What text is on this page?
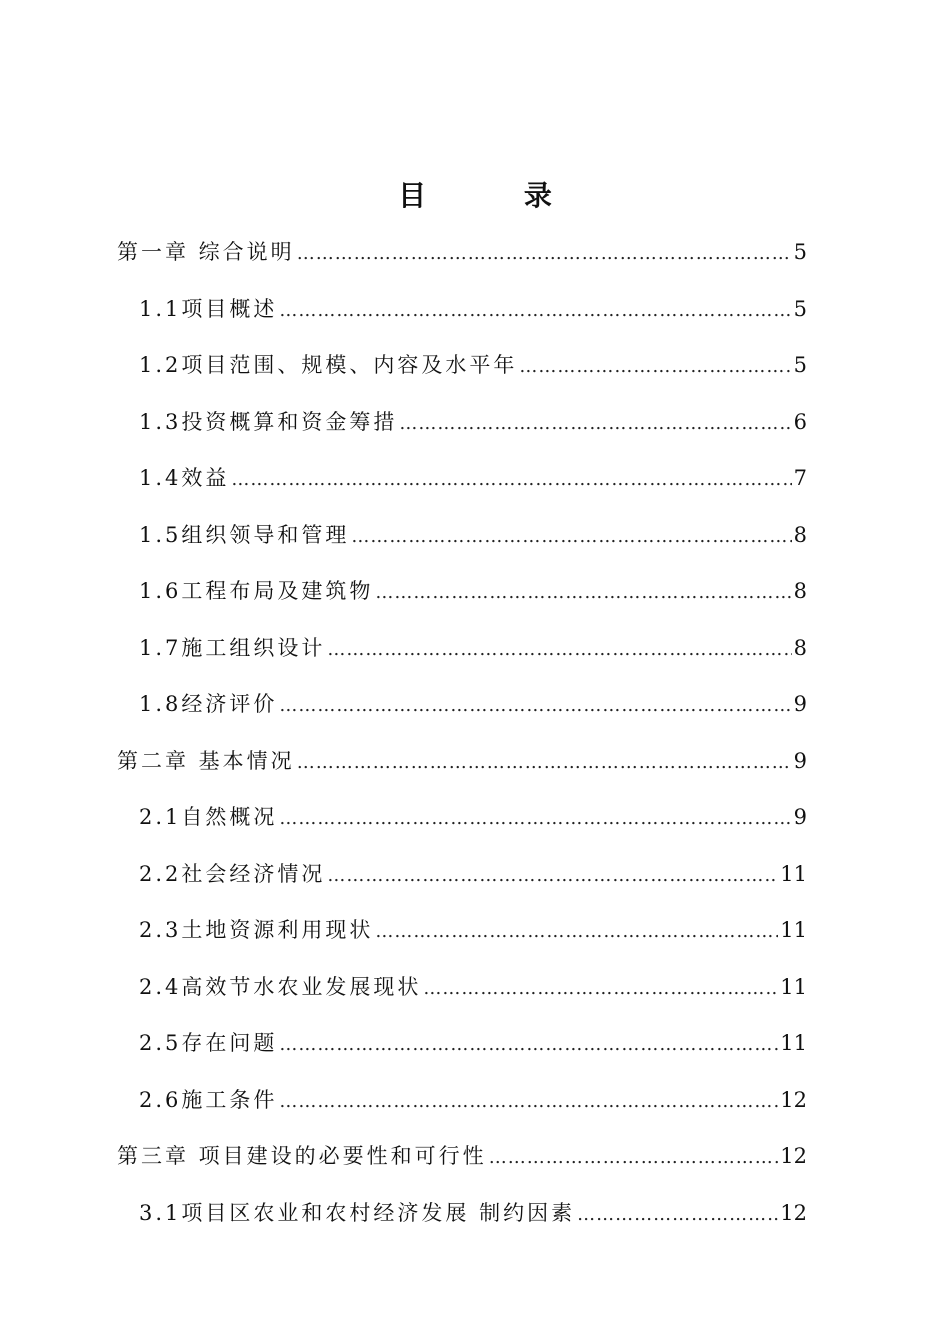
目 录
第一章 综合说明 …………………………………………………………………………………………………………………………………………………………………………	5
1.1项目概述 …………………………………………………………………………………………………………………………………………………………………………	5
1.2项目范围、规模、内容及水平年 …………………………………………………………………………………………………………………………………………………………………………	5
1.3投资概算和资金筹措 …………………………………………………………………………………………………………………………………………………………………………	6
1.4效益 …………………………………………………………………………………………………………………………………………………………………………	7
1.5组织领导和管理 …………………………………………………………………………………………………………………………………………………………………………	8
1.6工程布局及建筑物 …………………………………………………………………………………………………………………………………………………………………………	8
1.7施工组织设计 …………………………………………………………………………………………………………………………………………………………………………	8
1.8经济评价 …………………………………………………………………………………………………………………………………………………………………………	9
第二章 基本情况 …………………………………………………………………………………………………………………………………………………………………………	9
2.1自然概况 …………………………………………………………………………………………………………………………………………………………………………	9
2.2社会经济情况 …………………………………………………………………………………………………………………………………………………………………………	11
2.3土地资源利用现状 …………………………………………………………………………………………………………………………………………………………………………	11
2.4高效节水农业发展现状 …………………………………………………………………………………………………………………………………………………………………………	11
2.5存在问题 …………………………………………………………………………………………………………………………………………………………………………	11
2.6施工条件 …………………………………………………………………………………………………………………………………………………………………………	12
第三章 项目建设的必要性和可行性 …………………………………………………………………………………………………………………………………………………………………………	12
3.1项目区农业和农村经济发展 制约因素 …………………………………………………………………………………………………………………………………………………………………………	12
